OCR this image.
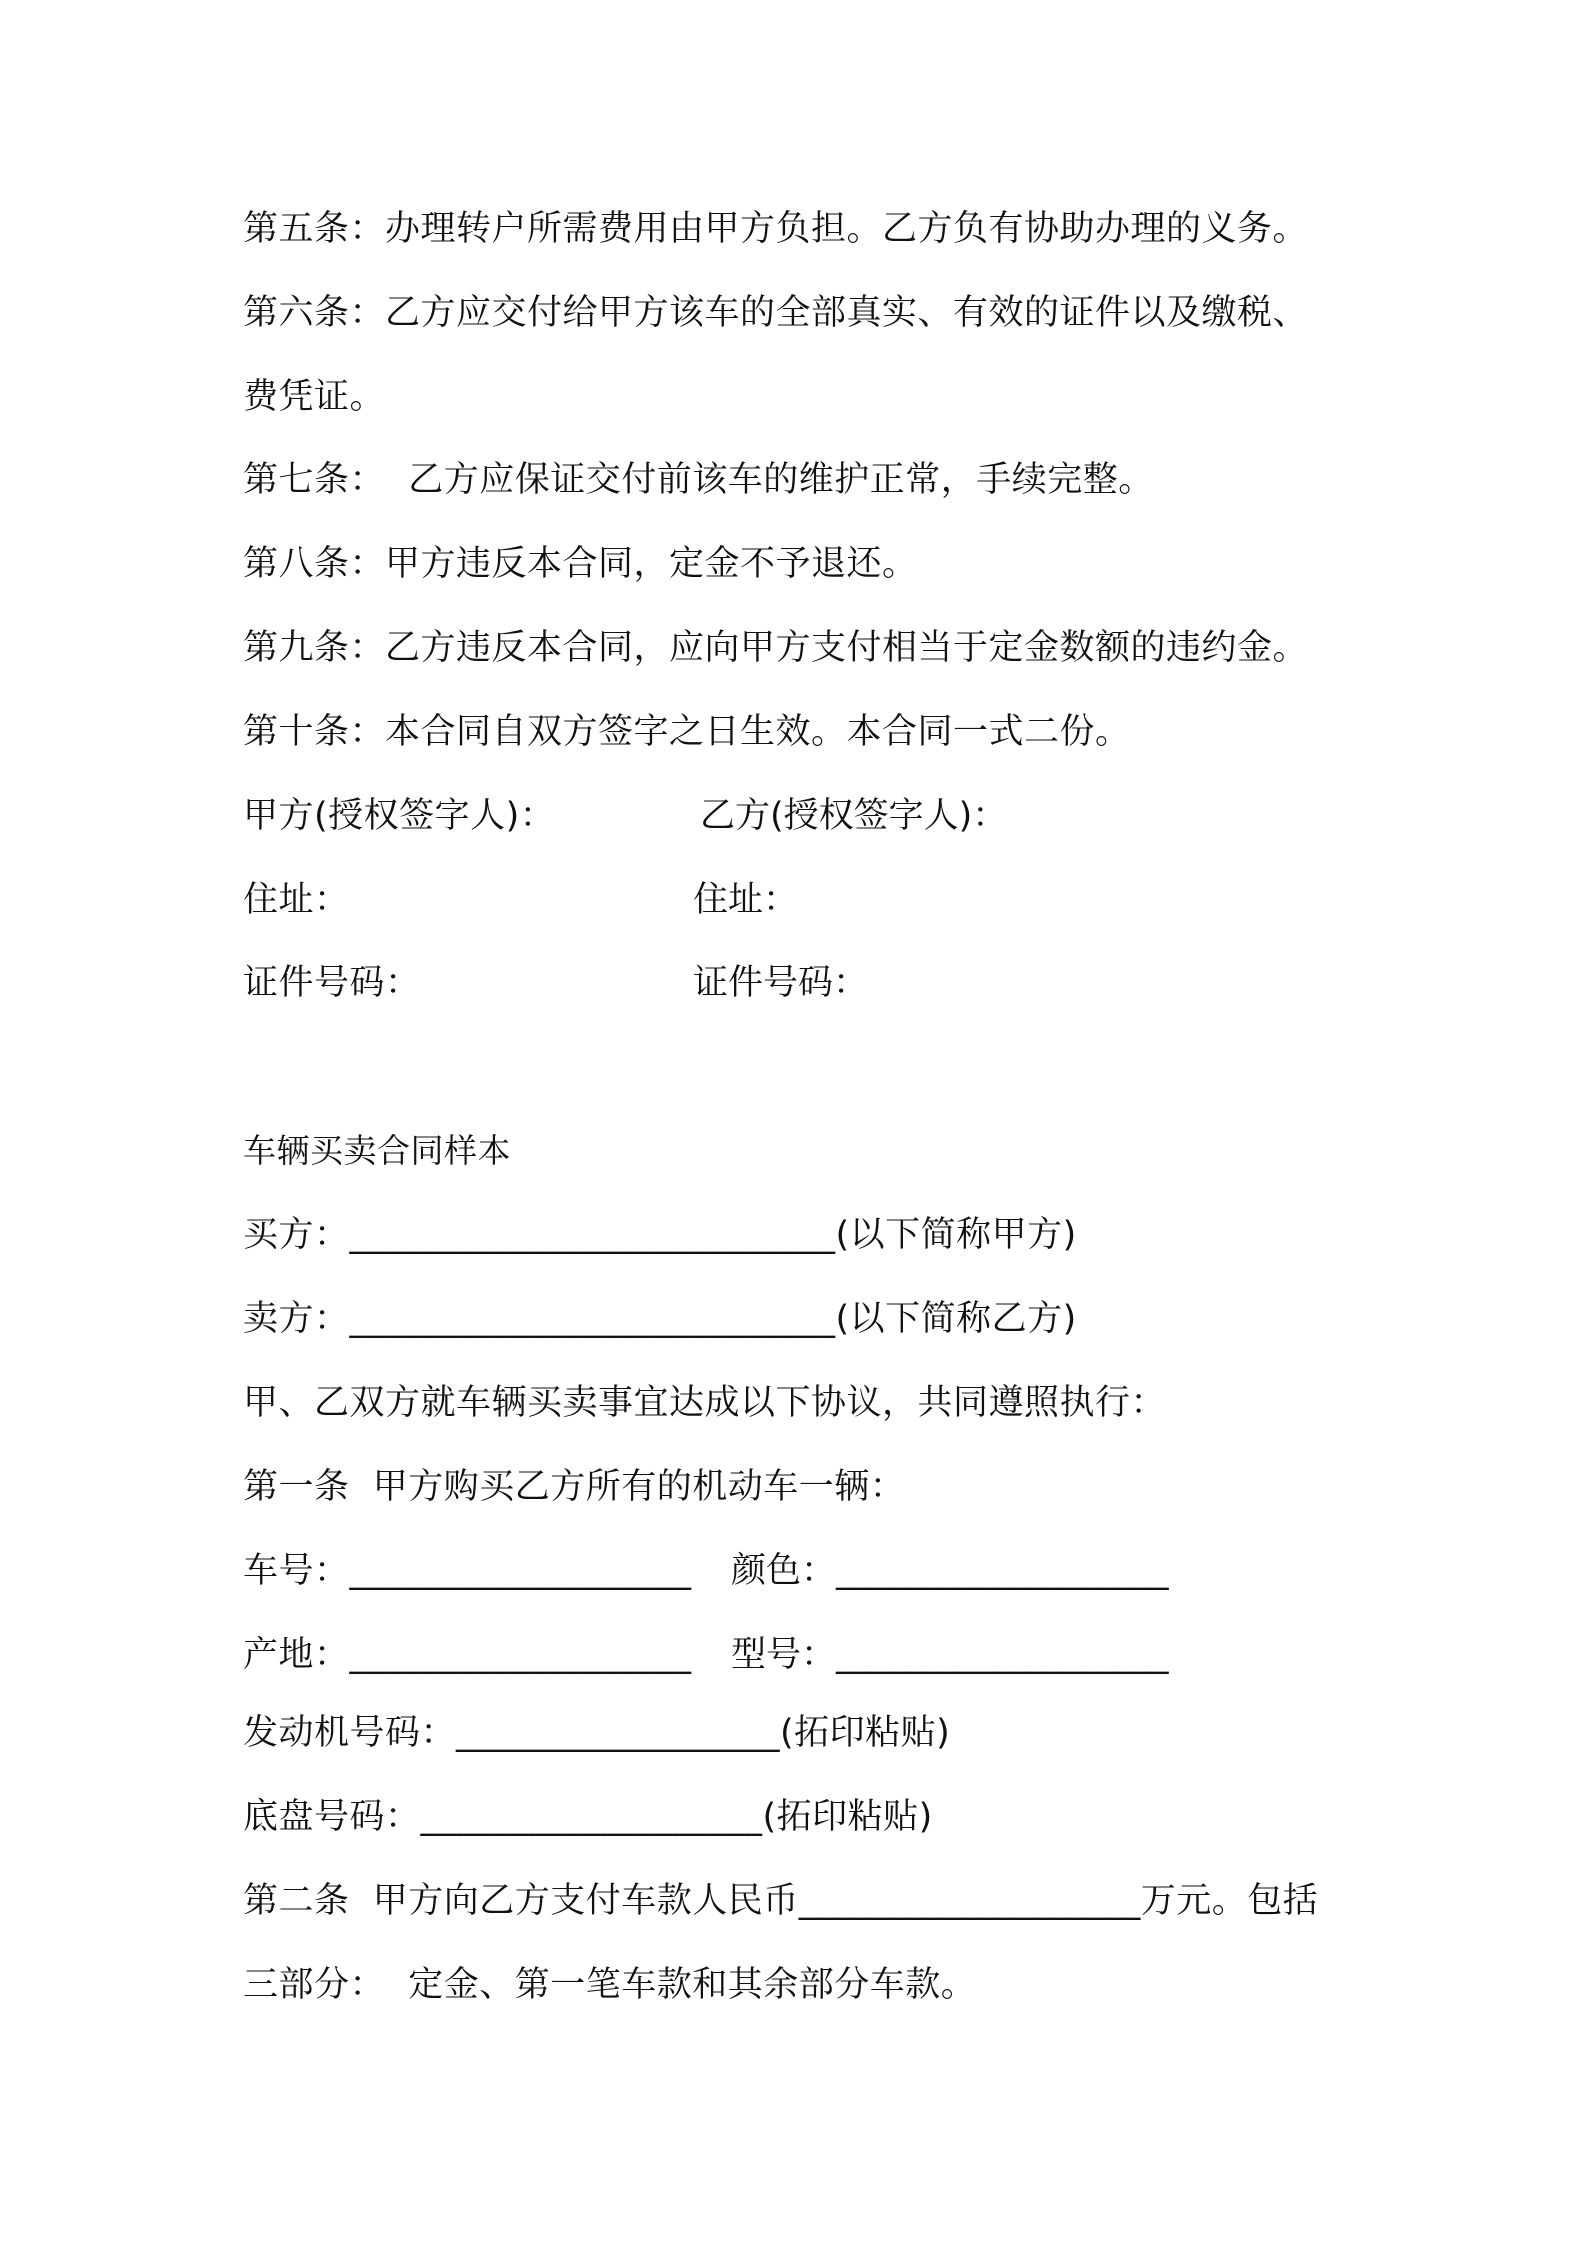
第五条：办理转户所需费用由甲方负担。乙方负有协助办理的义务。
第六条：乙方应交付给甲方该车的全部真实、有效的证件以及缴税、
费凭证。
第七条：  乙方应保证交付前该车的维护正常，手续完整。
第八条：甲方违反本合同，定金不予退还。
第九条：乙方违反本合同，应向甲方支付相当于定金数额的违约金。
第十条：本合同自双方签字之日生效。本合同一式二份。
甲方(授权签字人)：	乙方(授权签字人)：
住址：	住址：
证件号码：	证件号码：
车辆买卖合同样本
买方：___________________________(以下简称甲方)
卖方：___________________________(以下简称乙方)
甲、乙双方就车辆买卖事宜达成以下协议，共同遵照执行：
第一条  甲方购买乙方所有的机动车一辆：
车号：___________________ 颜色：___________________
产地：___________________ 型号：___________________
发动机号码：__________________(拓印粘贴)
底盘号码：___________________(拓印粘贴)
第二条  甲方向乙方支付车款人民币___________________万元。包括
三部分：  定金、第一笔车款和其余部分车款。
